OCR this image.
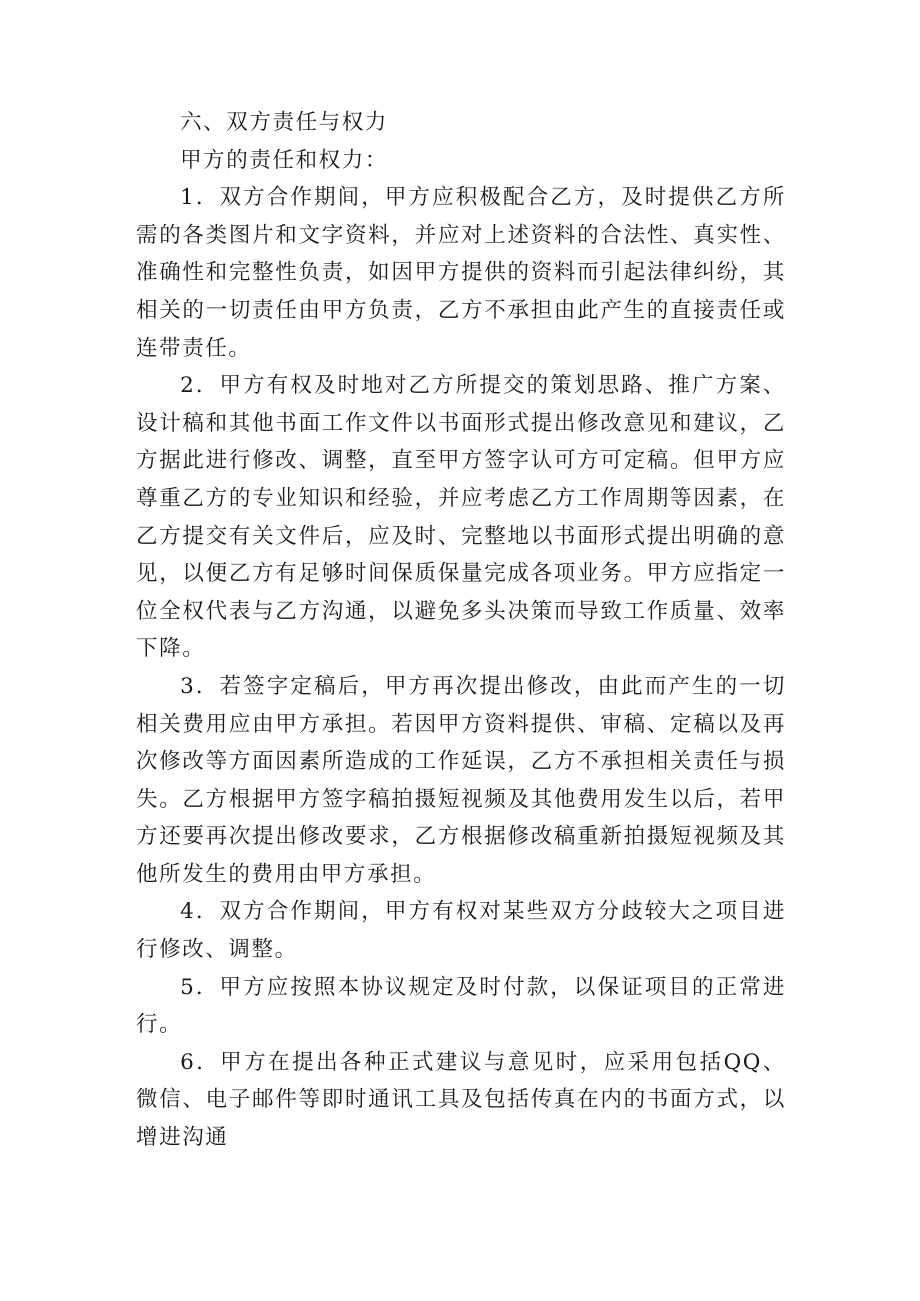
六、双方责任与权力

甲方的责任和权力：

1．双方合作期间，甲方应积极配合乙方，及时提供乙方所需的各类图片和文字资料，并应对上述资料的合法性、真实性、准确性和完整性负责，如因甲方提供的资料而引起法律纠纷，其相关的一切责任由甲方负责，乙方不承担由此产生的直接责任或连带责任。

2．甲方有权及时地对乙方所提交的策划思路、推广方案、设计稿和其他书面工作文件以书面形式提出修改意见和建议，乙方据此进行修改、调整，直至甲方签字认可方可定稿。但甲方应尊重乙方的专业知识和经验，并应考虑乙方工作周期等因素，在乙方提交有关文件后，应及时、完整地以书面形式提出明确的意见，以便乙方有足够时间保质保量完成各项业务。甲方应指定一位全权代表与乙方沟通，以避免多头决策而导致工作质量、效率下降。

3．若签字定稿后，甲方再次提出修改，由此而产生的一切相关费用应由甲方承担。若因甲方资料提供、审稿、定稿以及再次修改等方面因素所造成的工作延误，乙方不承担相关责任与损失。乙方根据甲方签字稿拍摄短视频及其他费用发生以后，若甲方还要再次提出修改要求，乙方根据修改稿重新拍摄短视频及其他所发生的费用由甲方承担。

4．双方合作期间，甲方有权对某些双方分歧较大之项目进行修改、调整。

5．甲方应按照本协议规定及时付款，以保证项目的正常进行。

6．甲方在提出各种正式建议与意见时，应采用包括QQ、微信、电子邮件等即时通讯工具及包括传真在内的书面方式，以增进沟通
